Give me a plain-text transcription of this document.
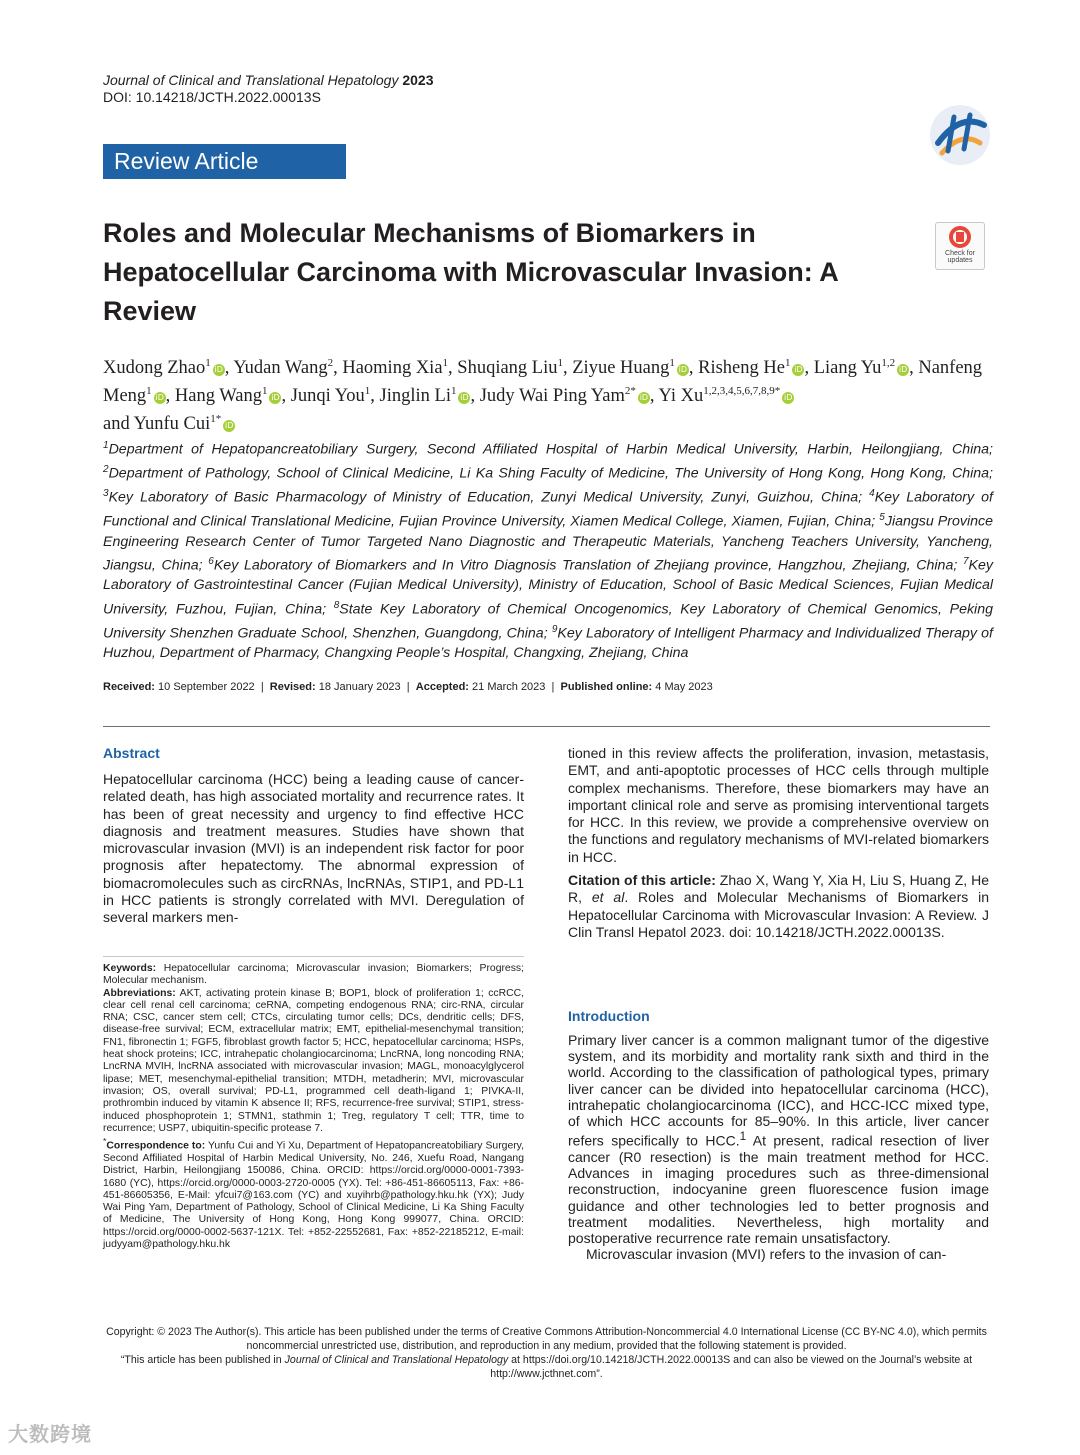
Journal of Clinical and Translational Hepatology 2023
DOI: 10.14218/JCTH.2022.00013S
Review Article
Check for
updates
Roles and Molecular Mechanisms of Biomarkers in Hepatocellular Carcinoma with Microvascular Invasion: A Review
Xudong Zhao$^1$iD, Yudan Wang$^2$, Haoming Xia$^1$, Shuqiang Liu$^1$, Ziyue Huang$^1$iD, Risheng He$^1$iD, Liang Yu$^{1,2}$iD, Nanfeng Meng$^1$iD, Hang Wang$^1$iD, Junqi You$^1$, Jinglin Li$^1$iD, Judy Wai Ping Yam$^{2*}$iD, Yi $Xu^{1,2,3,4,5,6,7,8,9*}iD$
and Yunfu Cui$^{1*}$iD
$^1$Department of Hepatopancreatobiliary Surgery, Second Affiliated Hospital of Harbin Medical University, Harbin, Heilongjiang, China; $^2$Department of Pathology, School of Clinical Medicine, Li Ka Shing Faculty of Medicine, The University of Hong Kong, Hong Kong, China; $^3$Key Laboratory of Basic Pharmacology of Ministry of Education, Zunyi Medical University, Zunyi, Guizhou, China; $^4$Key Laboratory of Functional and Clinical Translational Medicine, Fujian Province University, Xiamen Medical College, Xiamen, Fujian, China; $^5$Jiangsu Province Engineering Research Center of Tumor Targeted Nano Diagnostic and Therapeutic Materials, Yancheng Teachers University, Yancheng, Jiangsu, China; $^6$Key Laboratory of Biomarkers and In Vitro Diagnosis Translation of Zhejiang province, Hangzhou, Zhejiang, China; $^7$Key Laboratory of Gastrointestinal Cancer (Fujian Medical University), Ministry of Education, School of Basic Medical Sciences, Fujian Medical University, Fuzhou, Fujian, China; $^8$State Key Laboratory of Chemical Oncogenomics, Key Laboratory of Chemical Genomics, Peking University Shenzhen Graduate School, Shenzhen, Guangdong, China; $^9$Key Laboratory of Intelligent Pharmacy and Individualized Therapy of Huzhou, Department of Pharmacy, Changxing People’s Hospital, Changxing, Zhejiang, China
Received: 10 September 2022 | Revised: 18 January 2023 | Accepted: 21 March 2023 | Published online: 4 May 2023
Abstract

Hepatocellular carcinoma (HCC) being a leading cause of cancer-related death, has high associated mortality and recurrence rates. It has been of great necessity and urgency to find effective HCC diagnosis and treatment measures. Studies have shown that microvascular invasion (MVI) is an independent risk factor for poor prognosis after hepatectomy. The abnormal expression of biomacromolecules such as circRNAs, lncRNAs, STIP1, and PD-L1 in HCC patients is strongly correlated with MVI. Deregulation of several markers men-

tioned in this review affects the proliferation, invasion, metastasis, EMT, and anti-apoptotic processes of HCC cells through multiple complex mechanisms. Therefore, these biomarkers may have an important clinical role and serve as promising interventional targets for HCC. In this review, we provide a comprehensive overview on the functions and regulatory mechanisms of MVI-related biomarkers in HCC.

Citation of this article: Zhao X, Wang Y, Xia H, Liu S, Huang Z, He R, et al. Roles and Molecular Mechanisms of Biomarkers in Hepatocellular Carcinoma with Microvascular Invasion: A Review. J Clin Transl Hepatol 2023. doi: 10.14218/JCTH.2022.00013S.

Keywords: Hepatocellular carcinoma; Microvascular invasion; Biomarkers; Progress; Molecular mechanism.

Abbreviations: AKT, activating protein kinase B; BOP1, block of proliferation 1; ccRCC, clear cell renal cell carcinoma; ceRNA, competing endogenous RNA; circ-RNA, circular RNA; CSC, cancer stem cell; CTCs, circulating tumor cells; DCs, dendritic cells; DFS, disease-free survival; ECM, extracellular matrix; EMT, epithelial-mesenchymal transition; FN1, fibronectin 1; FGF5, fibroblast growth factor 5; HCC, hepatocellular carcinoma; HSPs, heat shock proteins; ICC, intrahepatic cholangiocarcinoma; LncRNA, long noncoding RNA; LncRNA MVIH, lncRNA associated with microvascular invasion; MAGL, monoacylglycerol lipase; MET, mesenchymal-epithelial transition; MTDH, metadherin; MVI, microvascular invasion; OS, overall survival; PD-L1, programmed cell death-ligand 1; PIVKA-II, prothrombin induced by vitamin K absence II; RFS, recurrence-free survival; STIP1, stress-induced phosphoprotein 1; STMN1, stathmin 1; Treg, regulatory T cell; TTR, time to recurrence; USP7, ubiquitin-specific protease 7.

*Correspondence to: Yunfu Cui and Yi Xu, Department of Hepatopancreatobiliary Surgery, Second Affiliated Hospital of Harbin Medical University, No. 246, Xuefu Road, Nangang District, Harbin, Heilongjiang 150086, China. ORCID: https://orcid.org/0000-0001-7393-1680 (YC), https://orcid.org/0000-0003-2720-0005 (YX). Tel: +86-451-86605113, Fax: +86-451-86605356, E-Mail: yfcui7@163.com (YC) and xuyihrb@pathology.hku.hk (YX); Judy Wai Ping Yam, Department of Pathology, School of Clinical Medicine, Li Ka Shing Faculty of Medicine, The University of Hong Kong, Hong Kong 999077, China. ORCID: https://orcid.org/0000-0002-5637-121X. Tel: +852-22552681, Fax: +852-22185212, E-mail: judyyam@pathology.hku.hk

Introduction

Primary liver cancer is a common malignant tumor of the digestive system, and its morbidity and mortality rank sixth and third in the world. According to the classification of pathological types, primary liver cancer can be divided into hepatocellular carcinoma (HCC), intrahepatic cholangiocarcinoma (ICC), and HCC-ICC mixed type, of which HCC accounts for 85–90%. In this article, liver cancer refers specifically to HCC.$^1$ At present, radical resection of liver cancer (R0 resection) is the main treatment method for HCC. Advances in imaging procedures such as three-dimensional reconstruction, indocyanine green fluorescence fusion image guidance and other technologies led to better prognosis and treatment modalities. Nevertheless, high mortality and postoperative recurrence rate remain unsatisfactory.

Microvascular invasion (MVI) refers to the invasion of can-

Copyright: © 2023 The Author(s). This article has been published under the terms of Creative Commons Attribution-Noncommercial 4.0 International License (CC BY-NC 4.0), which permits noncommercial unrestricted use, distribution, and reproduction in any medium, provided that the following statement is provided.
“This article has been published in Journal of Clinical and Translational Hepatology at https://doi.org/10.14218/JCTH.2022.00013S and can also be viewed on the Journal’s website at http://www.jcthnet.com”.
大数跨境
